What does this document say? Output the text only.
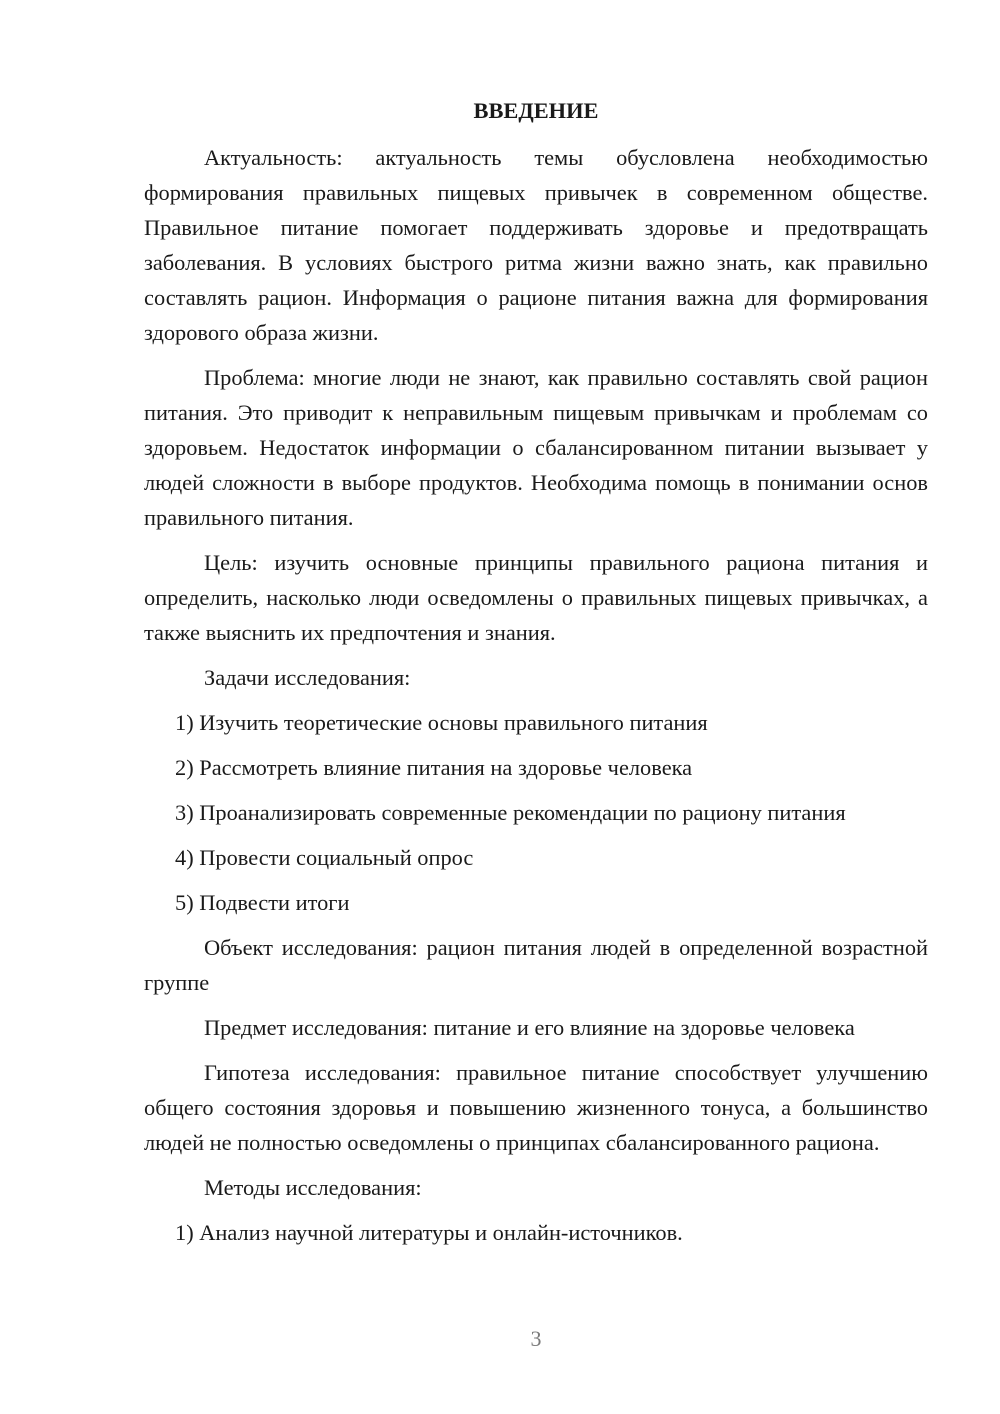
ВВЕДЕНИЕ

Актуальность: актуальность темы обусловлена необходимостью формирования правильных пищевых привычек в современном обществе. Правильное питание помогает поддерживать здоровье и предотвращать заболевания. В условиях быстрого ритма жизни важно знать, как правильно составлять рацион. Информация о рационе питания важна для формирования здорового образа жизни.

Проблема: многие люди не знают, как правильно составлять свой рацион питания. Это приводит к неправильным пищевым привычкам и проблемам со здоровьем. Недостаток информации о сбалансированном питании вызывает у людей сложности в выборе продуктов. Необходима помощь в понимании основ правильного питания.

Цель: изучить основные принципы правильного рациона питания и определить, насколько люди осведомлены о правильных пищевых привычках, а также выяснить их предпочтения и знания.

Задачи исследования:

1) Изучить теоретические основы правильного питания
2) Рассмотреть влияние питания на здоровье человека
3) Проанализировать современные рекомендации по рациону питания
4) Провести социальный опрос
5) Подвести итоги

Объект исследования: рацион питания людей в определенной возрастной группе

Предмет исследования: питание и его влияние на здоровье человека

Гипотеза исследования: правильное питание способствует улучшению общего состояния здоровья и повышению жизненного тонуса, а большинство людей не полностью осведомлены о принципах сбалансированного рациона.

Методы исследования:

1) Анализ научной литературы и онлайн-источников.
3
